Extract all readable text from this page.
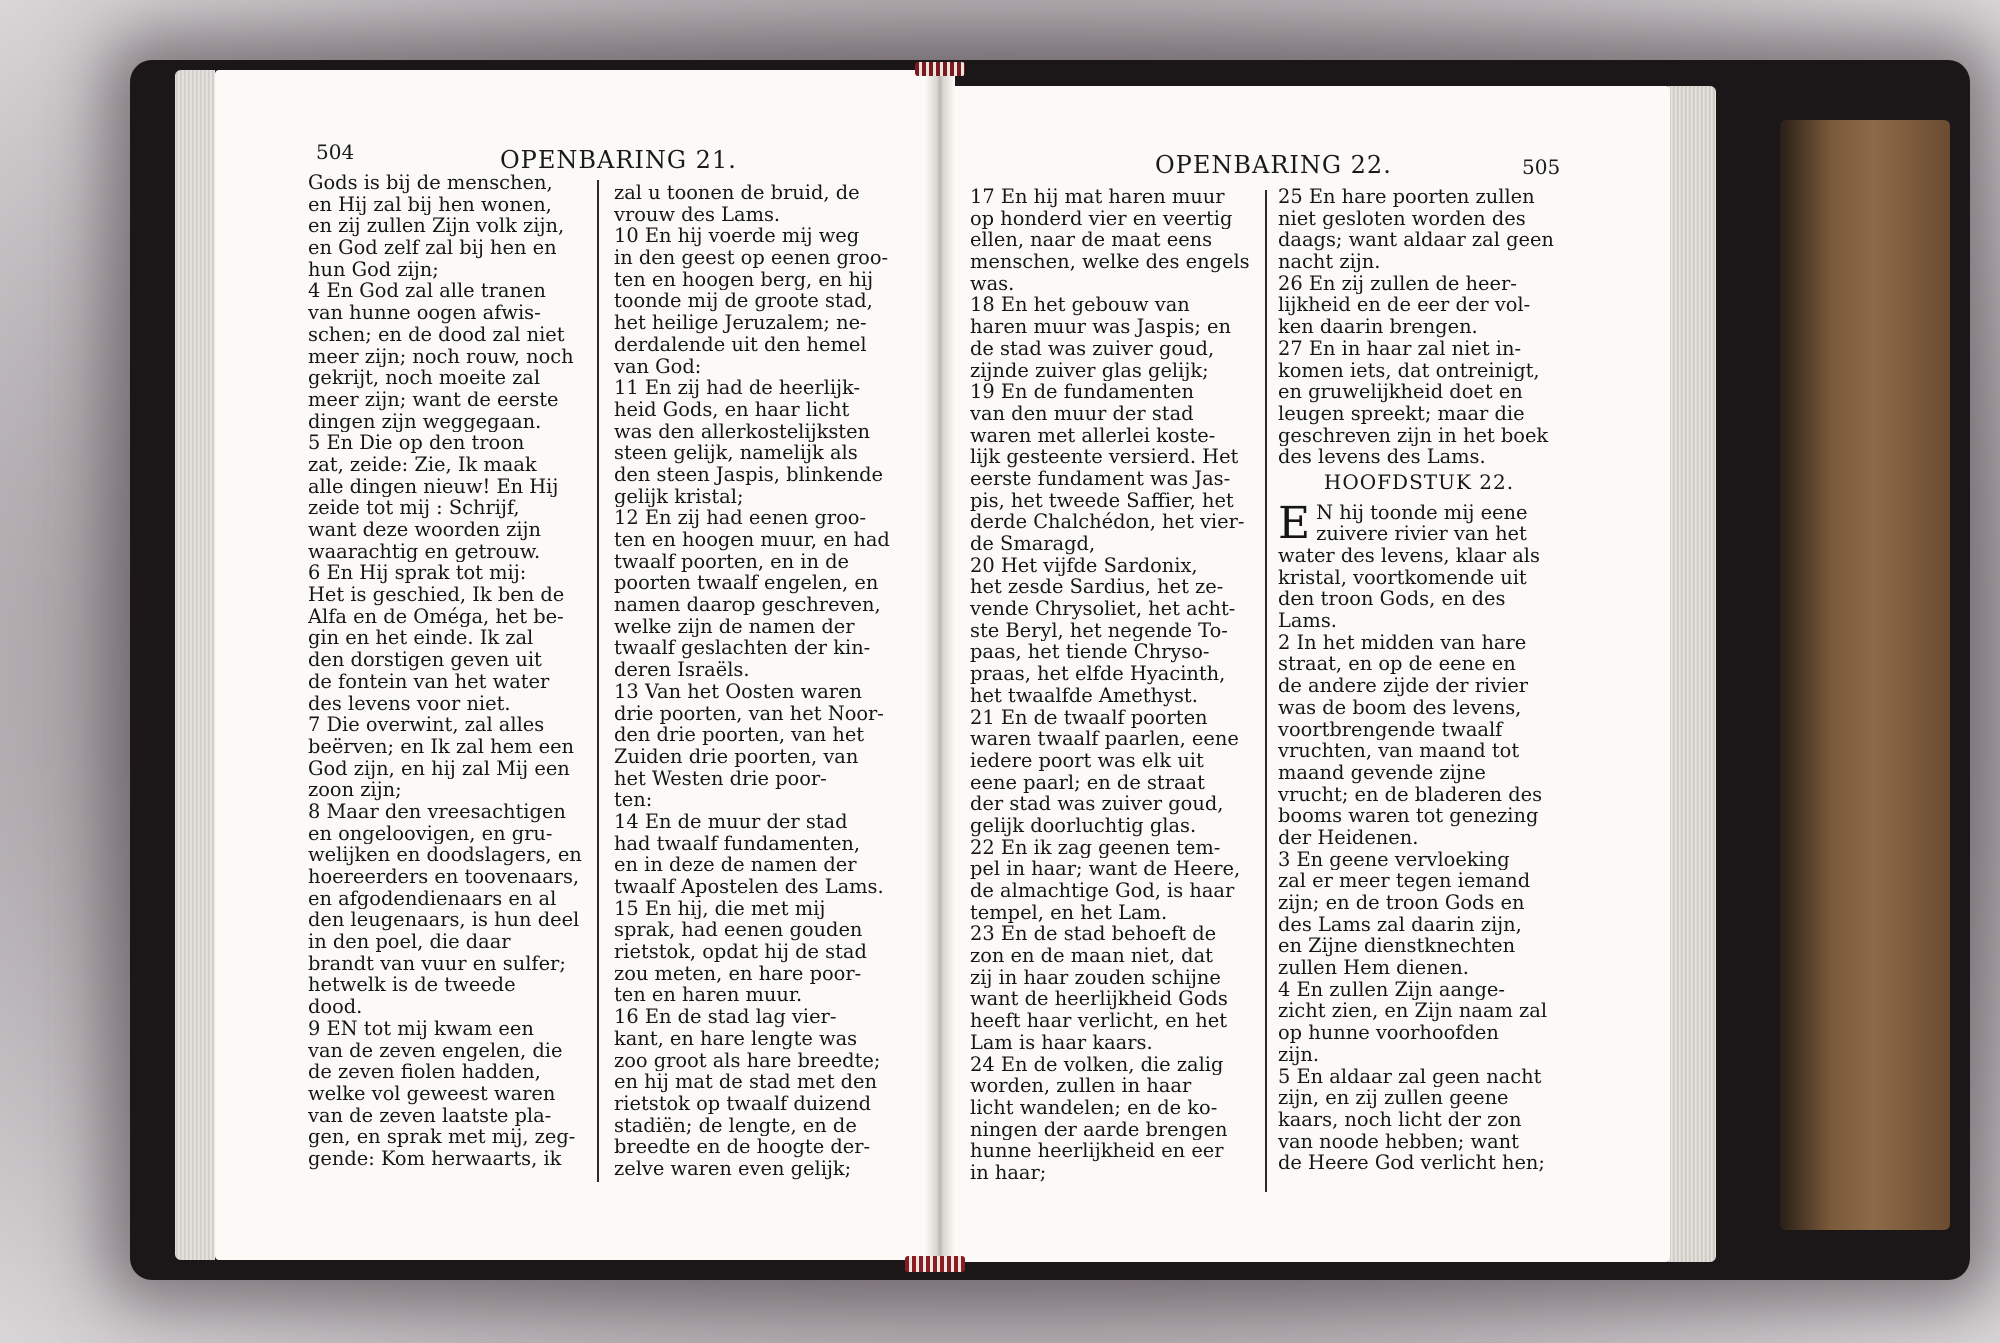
504	OPENBARING 21.	OPENBARING 22.	505
Gods is bij de menschen,
en Hij zal bij hen wonen,
en zij zullen Zijn volk zijn,
en God zelf zal bij hen en
hun God zijn;
4 En God zal alle tranen
van hunne oogen afwis-
schen; en de dood zal niet
meer zijn; noch rouw, noch
gekrijt, noch moeite zal
meer zijn; want de eerste
dingen zijn weggegaan.
5 En Die op den troon
zat, zeide: Zie, Ik maak
alle dingen nieuw! En Hij
zeide tot mij : Schrijf,
want deze woorden zijn
waarachtig en getrouw.
6 En Hij sprak tot mij:
Het is geschied, Ik ben de
Alfa en de Oméga, het be-
gin en het einde. Ik zal
den dorstigen geven uit
de fontein van het water
des levens voor niet.
7 Die overwint, zal alles
beërven; en Ik zal hem een
God zijn, en hij zal Mij een
zoon zijn;
8 Maar den vreesachtigen
en ongeloovigen, en gru-
welijken en doodslagers, en
hoereerders en toovenaars,
en afgodendienaars en al
den leugenaars, is hun deel
in den poel, die daar
brandt van vuur en sulfer;
hetwelk is de tweede
dood.
9 EN tot mij kwam een
van de zeven engelen, die
de zeven fiolen hadden,
welke vol geweest waren
van de zeven laatste pla-
gen, en sprak met mij, zeg-
gende: Kom herwaarts, ik
zal u toonen de bruid, de
vrouw des Lams.
10 En hij voerde mij weg
in den geest op eenen groo-
ten en hoogen berg, en hij
toonde mij de groote stad,
het heilige Jeruzalem; ne-
derdalende uit den hemel
van God:
11 En zij had de heerlijk-
heid Gods, en haar licht
was den allerkostelijksten
steen gelijk, namelijk als
den steen Jaspis, blinkende
gelijk kristal;
12 En zij had eenen groo-
ten en hoogen muur, en had
twaalf poorten, en in de
poorten twaalf engelen, en
namen daarop geschreven,
welke zijn de namen der
twaalf geslachten der kin-
deren Israëls.
13 Van het Oosten waren
drie poorten, van het Noor-
den drie poorten, van het
Zuiden drie poorten, van
het Westen drie poor-
ten:
14 En de muur der stad
had twaalf fundamenten,
en in deze de namen der
twaalf Apostelen des Lams.
15 En hij, die met mij
sprak, had eenen gouden
rietstok, opdat hij de stad
zou meten, en hare poor-
ten en haren muur.
16 En de stad lag vier-
kant, en hare lengte was
zoo groot als hare breedte;
en hij mat de stad met den
rietstok op twaalf duizend
stadiën; de lengte, en de
breedte en de hoogte der-
zelve waren even gelijk;
17 En hij mat haren muur
op honderd vier en veertig
ellen, naar de maat eens
menschen, welke des engels
was.
18 En het gebouw van
haren muur was Jaspis; en
de stad was zuiver goud,
zijnde zuiver glas gelijk;
19 En de fundamenten
van den muur der stad
waren met allerlei koste-
lijk gesteente versierd. Het
eerste fundament was Jas-
pis, het tweede Saffier, het
derde Chalchédon, het vier-
de Smaragd,
20 Het vijfde Sardonix,
het zesde Sardius, het ze-
vende Chrysoliet, het acht-
ste Beryl, het negende To-
paas, het tiende Chryso-
praas, het elfde Hyacinth,
het twaalfde Amethyst.
21 En de twaalf poorten
waren twaalf paarlen, eene
iedere poort was elk uit
eene paarl; en de straat
der stad was zuiver goud,
gelijk doorluchtig glas.
22 En ik zag geenen tem-
pel in haar; want de Heere,
de almachtige God, is haar
tempel, en het Lam.
23 En de stad behoeft de
zon en de maan niet, dat
zij in haar zouden schijne
want de heerlijkheid Gods
heeft haar verlicht, en het
Lam is haar kaars.
24 En de volken, die zalig
worden, zullen in haar
licht wandelen; en de ko-
ningen der aarde brengen
hunne heerlijkheid en eer
in haar;
25 En hare poorten zullen
niet gesloten worden des
daags; want aldaar zal geen
nacht zijn.
26 En zij zullen de heer-
lijkheid en de eer der vol-
ken daarin brengen.
27 En in haar zal niet in-
komen iets, dat ontreinigt,
en gruwelijkheid doet en
leugen spreekt; maar die
geschreven zijn in het boek
des levens des Lams.
HOOFDSTUK 22.
E N hij toonde mij eene
zuivere rivier van het
water des levens, klaar als
kristal, voortkomende uit
den troon Gods, en des
Lams.
2 In het midden van hare
straat, en op de eene en
de andere zijde der rivier
was de boom des levens,
voortbrengende twaalf
vruchten, van maand tot
maand gevende zijne
vrucht; en de bladeren des
booms waren tot genezing
der Heidenen.
3 En geene vervloeking
zal er meer tegen iemand
zijn; en de troon Gods en
des Lams zal daarin zijn,
en Zijne dienstknechten
zullen Hem dienen.
4 En zullen Zijn aange-
zicht zien, en Zijn naam zal
op hunne voorhoofden
zijn.
5 En aldaar zal geen nacht
zijn, en zij zullen geene
kaars, noch licht der zon
van noode hebben; want
de Heere God verlicht hen;
